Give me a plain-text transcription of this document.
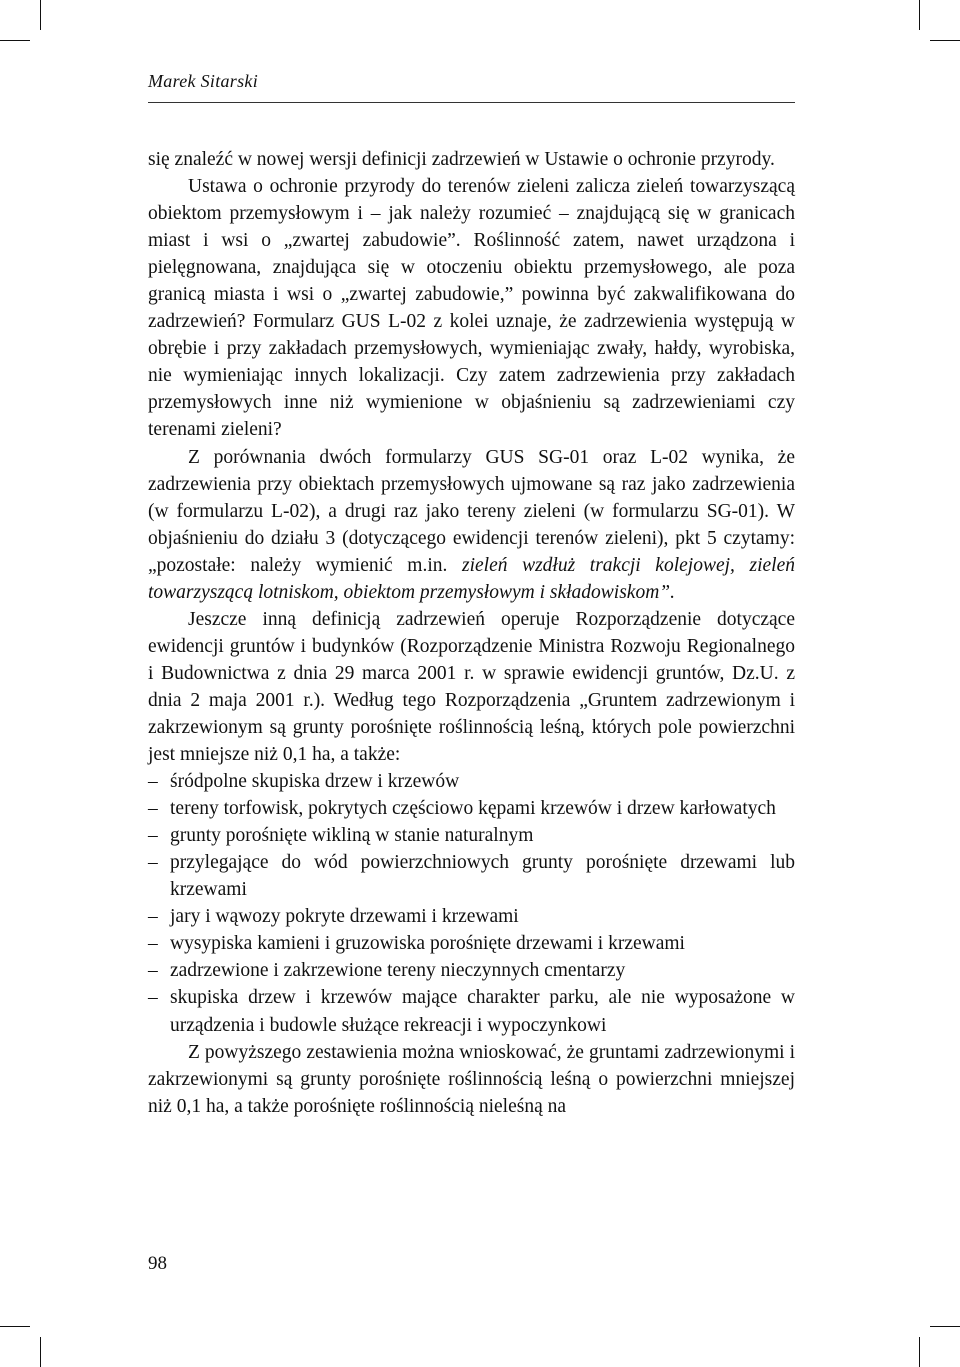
Marek Sitarski

się znaleźć w nowej wersji definicji zadrzewień w Ustawie o ochronie przyrody.

Ustawa o ochronie przyrody do terenów zieleni zalicza zieleń towarzyszącą obiektom przemysłowym i – jak należy rozumieć – znajdującą się w granicach miast i wsi o „zwartej zabudowie”. Roślinność zatem, nawet urządzona i pielęgnowana, znajdująca się w otoczeniu obiektu przemysłowego, ale poza granicą miasta i wsi o „zwartej zabudowie,” powinna być zakwalifikowana do zadrzewień? Formularz GUS L-02 z kolei uznaje, że zadrzewienia występują w obrębie i przy zakładach przemysłowych, wymieniając zwały, hałdy, wyrobiska, nie wymieniając innych lokalizacji. Czy zatem zadrzewienia przy zakładach przemysłowych inne niż wymienione w objaśnieniu są zadrzewieniami czy terenami zieleni?

Z porównania dwóch formularzy GUS SG-01 oraz L-02 wynika, że zadrzewienia przy obiektach przemysłowych ujmowane są raz jako zadrzewienia (w formularzu L-02), a drugi raz jako tereny zieleni (w formularzu SG-01). W objaśnieniu do działu 3 (dotyczącego ewidencji terenów zieleni), pkt 5 czytamy: „pozostałe: należy wymienić m.in. zieleń wzdłuż trakcji kolejowej, zieleń towarzyszącą lotniskom, obiektom przemysłowym i składowiskom”.

Jeszcze inną definicją zadrzewień operuje Rozporządzenie dotyczące ewidencji gruntów i budynków (Rozporządzenie Ministra Rozwoju Regionalnego i Budownictwa z dnia 29 marca 2001 r. w sprawie ewidencji gruntów, Dz.U. z dnia 2 maja 2001 r.). Według tego Rozporządzenia „Gruntem zadrzewionym i zakrzewionym są grunty porośnięte roślinnością leśną, których pole powierzchni jest mniejsze niż 0,1 ha, a także:

– śródpolne skupiska drzew i krzewów
– tereny torfowisk, pokrytych częściowo kępami krzewów i drzew karłowatych
– grunty porośnięte wikliną w stanie naturalnym
– przylegające do wód powierzchniowych grunty porośnięte drzewami lub krzewami
– jary i wąwozy pokryte drzewami i krzewami
– wysypiska kamieni i gruzowiska porośnięte drzewami i krzewami
– zadrzewione i zakrzewione tereny nieczynnych cmentarzy
– skupiska drzew i krzewów mające charakter parku, ale nie wyposażone w urządzenia i budowle służące rekreacji i wypoczynkowi

Z powyższego zestawienia można wnioskować, że gruntami zadrzewionymi i zakrzewionymi są grunty porośnięte roślinnością leśną o powierzchni mniejszej niż 0,1 ha, a także porośnięte roślinnością nieleśną na

98
